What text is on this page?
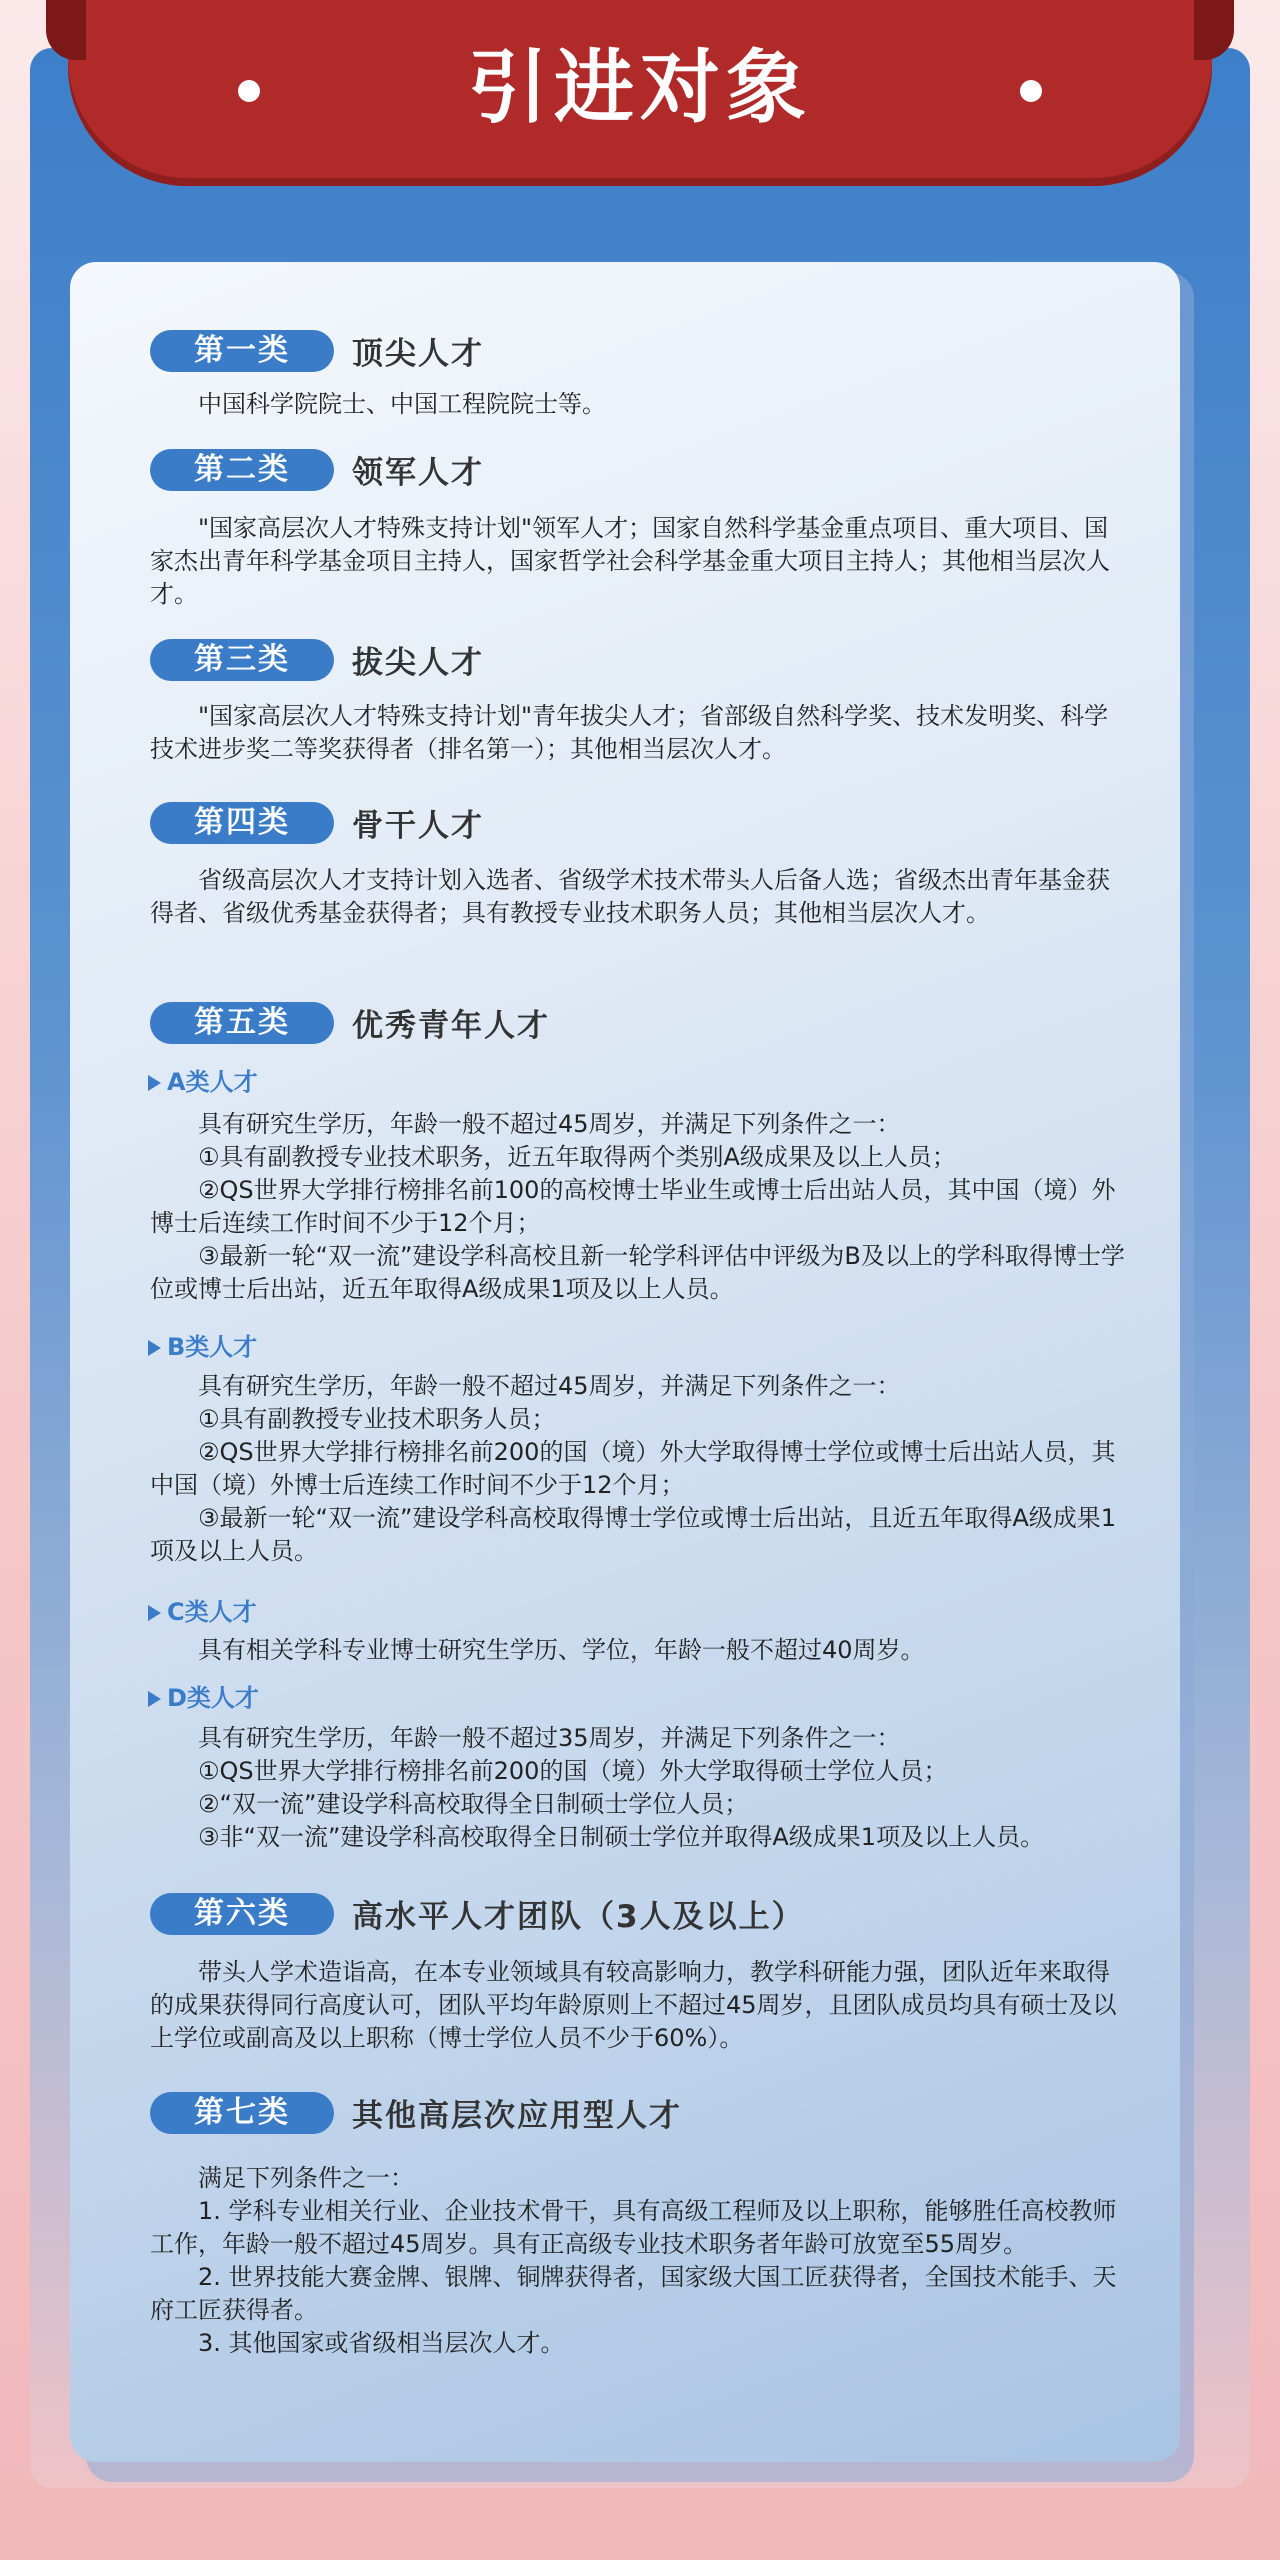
引进对象
第一类	顶尖人才

中国科学院院士、中国工程院院士等。

第二类	领军人才

"国家高层次人才特殊支持计划"领军人才；国家自然科学基金重点项目、重大项目、国家杰出青年科学基金项目主持人，国家哲学社会科学基金重大项目主持人；其他相当层次人才。

第三类	拔尖人才

"国家高层次人才特殊支持计划"青年拔尖人才；省部级自然科学奖、技术发明奖、科学技术进步奖二等奖获得者（排名第一）；其他相当层次人才。

第四类	骨干人才

省级高层次人才支持计划入选者、省级学术技术带头人后备人选；省级杰出青年基金获得者、省级优秀基金获得者；具有教授专业技术职务人员；其他相当层次人才。

第五类	优秀青年人才
A类人才

具有研究生学历，年龄一般不超过45周岁，并满足下列条件之一：

①具有副教授专业技术职务，近五年取得两个类别A级成果及以上人员；

②QS世界大学排行榜排名前100的高校博士毕业生或博士后出站人员，其中国（境）外博士后连续工作时间不少于12个月；

③最新一轮“双一流”建设学科高校且新一轮学科评估中评级为B及以上的学科取得博士学位或博士后出站，近五年取得A级成果1项及以上人员。

B类人才

具有研究生学历，年龄一般不超过45周岁，并满足下列条件之一：

①具有副教授专业技术职务人员；

②QS世界大学排行榜排名前200的国（境）外大学取得博士学位或博士后出站人员，其中国（境）外博士后连续工作时间不少于12个月；

③最新一轮“双一流”建设学科高校取得博士学位或博士后出站，且近五年取得A级成果1项及以上人员。

C类人才

具有相关学科专业博士研究生学历、学位，年龄一般不超过40周岁。

D类人才

具有研究生学历，年龄一般不超过35周岁，并满足下列条件之一：

①QS世界大学排行榜排名前200的国（境）外大学取得硕士学位人员；

②“双一流”建设学科高校取得全日制硕士学位人员；

③非“双一流”建设学科高校取得全日制硕士学位并取得A级成果1项及以上人员。

第六类	高水平人才团队（3人及以上）

带头人学术造诣高，在本专业领域具有较高影响力，教学科研能力强，团队近年来取得的成果获得同行高度认可，团队平均年龄原则上不超过45周岁，且团队成员均具有硕士及以上学位或副高及以上职称（博士学位人员不少于60%）。

第七类	其他高层次应用型人才

满足下列条件之一：

1. 学科专业相关行业、企业技术骨干，具有高级工程师及以上职称，能够胜任高校教师工作，年龄一般不超过45周岁。具有正高级专业技术职务者年龄可放宽至55周岁。

2. 世界技能大赛金牌、银牌、铜牌获得者，国家级大国工匠获得者，全国技术能手、天府工匠获得者。

3. 其他国家或省级相当层次人才。
